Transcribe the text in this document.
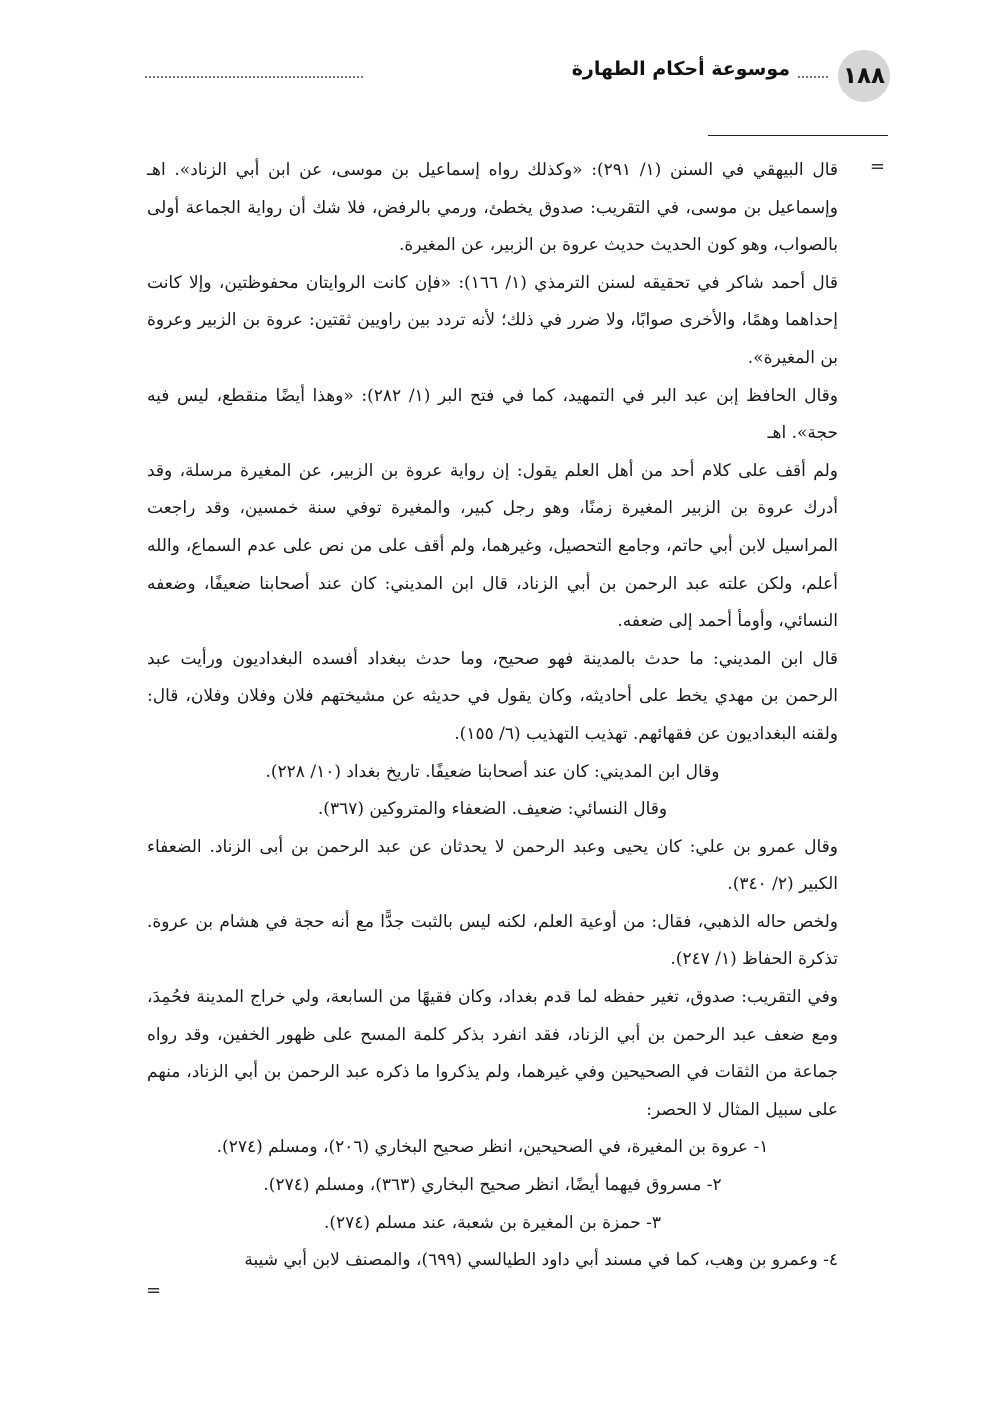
١٨٨
موسوعة أحكام الطهارة
=

قال البيهقي في السنن (١/ ٢٩١): «وكذلك رواه إسماعيل بن موسى، عن ابن أبي الزناد». اهـ وإسماعيل بن موسى، في التقريب: صدوق يخطئ، ورمي بالرفض، فلا شك أن رواية الجماعة أولى بالصواب، وهو كون الحديث حديث عروة بن الزبير، عن المغيرة.

قال أحمد شاكر في تحقيقه لسنن الترمذي (١/ ١٦٦): «فإن كانت الروايتان محفوظتين، وإلا كانت إحداهما وهمًا، والأخرى صوابًا، ولا ضرر في ذلك؛ لأنه تردد بين راويين ثقتين: عروة بن الزبير وعروة بن المغيرة».

وقال الحافظ إبن عبد البر في التمهيد، كما في فتح البر (١/ ٢٨٢): «وهذا أيضًا منقطع، ليس فيه حجة». اهـ

ولم أقف على كلام أحد من أهل العلم يقول: إن رواية عروة بن الزبير، عن المغيرة مرسلة، وقد أدرك عروة بن الزبير المغيرة زمنًا، وهو رجل كبير، والمغيرة توفي سنة خمسين، وقد راجعت المراسيل لابن أبي حاتم، وجامع التحصيل، وغيرهما، ولم أقف على من نص على عدم السماع، والله أعلم، ولكن علته عبد الرحمن بن أبي الزناد، قال ابن المديني: كان عند أصحابنا ضعيفًا، وضعفه النسائي، وأومأ أحمد إلى ضعفه.

قال ابن المديني: ما حدث بالمدينة فهو صحيح، وما حدث ببغداد أفسده البغداديون ورأيت عبد الرحمن بن مهدي يخط على أحاديثه، وكان يقول في حديثه عن مشيختهم فلان وفلان وفلان، قال: ولقنه البغداديون عن فقهائهم. تهذيب التهذيب (٦/ ١٥٥).

وقال ابن المديني: كان عند أصحابنا ضعيفًا. تاريخ بغداد (١٠/ ٢٢٨).

وقال النسائي: ضعيف. الضعفاء والمتروكين (٣٦٧).

وقال عمرو بن علي: كان يحيى وعبد الرحمن لا يحدثان عن عبد الرحمن بن أبى الزناد. الضعفاء الكبير (٢/ ٣٤٠).

ولخص حاله الذهبي، فقال: من أوعية العلم، لكنه ليس بالثبت جدًّا مع أنه حجة في هشام بن عروة. تذكرة الحفاظ (١/ ٢٤٧).

وفي التقريب: صدوق، تغير حفظه لما قدم بغداد، وكان فقيهًا من السابعة، ولي خراج المدينة فحُمِدَ، ومع ضعف عبد الرحمن بن أبي الزناد، فقد انفرد بذكر كلمة المسح على ظهور الخفين، وقد رواه جماعة من الثقات في الصحيحين وفي غيرهما، ولم يذكروا ما ذكره عبد الرحمن بن أبي الزناد، منهم على سبيل المثال لا الحصر:

١- عروة بن المغيرة، في الصحيحين، انظر صحيح البخاري (٢٠٦)، ومسلم (٢٧٤).

٢- مسروق فيهما أيضًا، انظر صحيح البخاري (٣٦٣)، ومسلم (٢٧٤).

٣- حمزة بن المغيرة بن شعبة، عند مسلم (٢٧٤).

٤- وعمرو بن وهب، كما في مسند أبي داود الطيالسي (٦٩٩)، والمصنف لابن أبي شيبة

=
